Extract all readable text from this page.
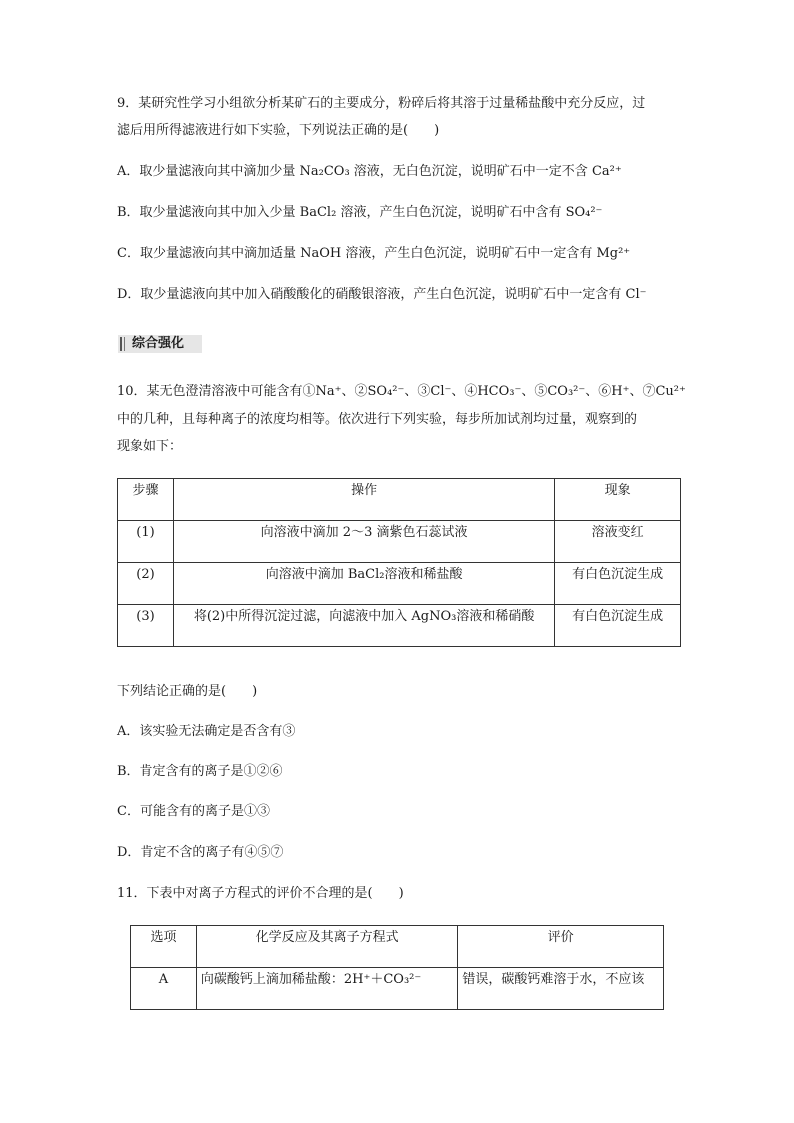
9．某研究性学习小组欲分析某矿石的主要成分，粉碎后将其溶于过量稀盐酸中充分反应，过
滤后用所得滤液进行如下实验，下列说法正确的是(　　)
A．取少量滤液向其中滴加少量 Na₂CO₃ 溶液，无白色沉淀，说明矿石中一定不含 Ca²⁺
B．取少量滤液向其中加入少量 BaCl₂ 溶液，产生白色沉淀，说明矿石中含有 SO₄²⁻
C．取少量滤液向其中滴加适量 NaOH 溶液，产生白色沉淀，说明矿石中一定含有 Mg²⁺
D．取少量滤液向其中加入硝酸酸化的硝酸银溶液，产生白色沉淀，说明矿石中一定含有 Cl⁻
综合强化
10．某无色澄清溶液中可能含有①Na⁺、②SO₄²⁻、③Cl⁻、④HCO₃⁻、⑤CO₃²⁻、⑥H⁺、⑦Cu²⁺
中的几种，且每种离子的浓度均相等。依次进行下列实验，每步所加试剂均过量，观察到的
现象如下：
步骤	操作	现象
(1)	向溶液中滴加 2～3 滴紫色石蕊试液	溶液变红
(2)	向溶液中滴加 BaCl₂溶液和稀盐酸	有白色沉淀生成
(3)	将(2)中所得沉淀过滤，向滤液中加入 AgNO₃溶液和稀硝酸	有白色沉淀生成
下列结论正确的是(　　)
A．该实验无法确定是否含有③
B．肯定含有的离子是①②⑥
C．可能含有的离子是①③
D．肯定不含的离子有④⑤⑦
11．下表中对离子方程式的评价不合理的是(　　)
选项	化学反应及其离子方程式	评价
A	向碳酸钙上滴加稀盐酸：2H⁺＋CO₃²⁻	错误，碳酸钙难溶于水，不应该
